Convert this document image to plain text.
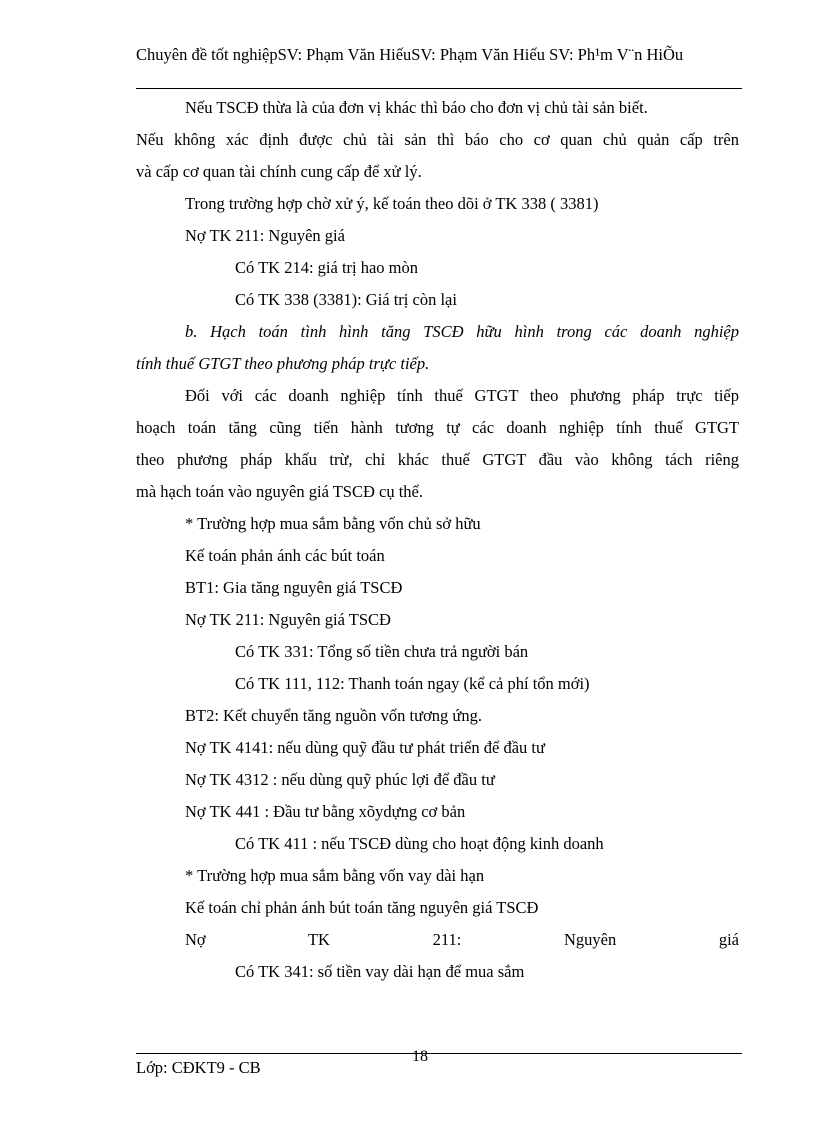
Chuyên đề tốt nghiệpSV: Phạm Văn HiếuSV: Phạm Văn Hiếu SV: Ph¹m V¨n HiÕu
Nếu TSCĐ thừa là của đơn vị khác thì báo cho đơn vị chủ tài sản biết.
Nếu không xác định được chủ tài sản thì báo cho cơ quan chủ quản cấp trên
và cấp cơ quan tài chính cung cấp để xử lý.
Trong trường hợp chờ xử ý, kế toán theo dõi ở TK 338 ( 3381)
Nợ TK 211: Nguyên giá
Có TK 214: giá trị hao mòn
Có TK 338 (3381): Giá trị còn lại
b. Hạch toán tình hình tăng TSCĐ hữu hình trong các doanh nghiệp
tính thuế GTGT theo phương pháp trực tiếp.
Đối với các doanh nghiệp tính thuế GTGT theo phương pháp trực tiếp
hoạch toán tăng cũng tiến hành tương tự các doanh nghiệp tính thuế GTGT
theo phương pháp khấu trừ, chỉ khác thuế GTGT đầu vào không tách riêng
mà hạch toán vào nguyên giá TSCĐ cụ thể.
* Trường hợp mua sắm bằng vốn chủ sở hữu
Kế toán phản ánh các bút toán
BT1: Gia tăng nguyên giá TSCĐ
Nợ TK 211: Nguyên giá TSCĐ
Có TK 331: Tổng số tiền chưa trả người bán
Có TK 111, 112: Thanh toán ngay (kể cả phí tổn mới)
BT2: Kết chuyển tăng nguồn vốn tương ứng.
Nợ TK 4141: nếu dùng quỹ đầu tư phát triển để đầu tư
Nợ TK 4312 : nếu dùng quỹ phúc lợi để đầu tư
Nợ TK 441 : Đầu tư bằng xõydựng cơ bản
Có TK 411 : nếu TSCĐ dùng cho hoạt động kinh doanh
* Trường hợp mua sắm bằng vốn vay dài hạn
Kế toán chỉ phản ánh bút toán tăng nguyên giá TSCĐ
Nợ TK 211: Nguyên giá
Có TK 341: số tiền vay dài hạn để mua sắm
18
Lớp: CĐKT9 - CB
